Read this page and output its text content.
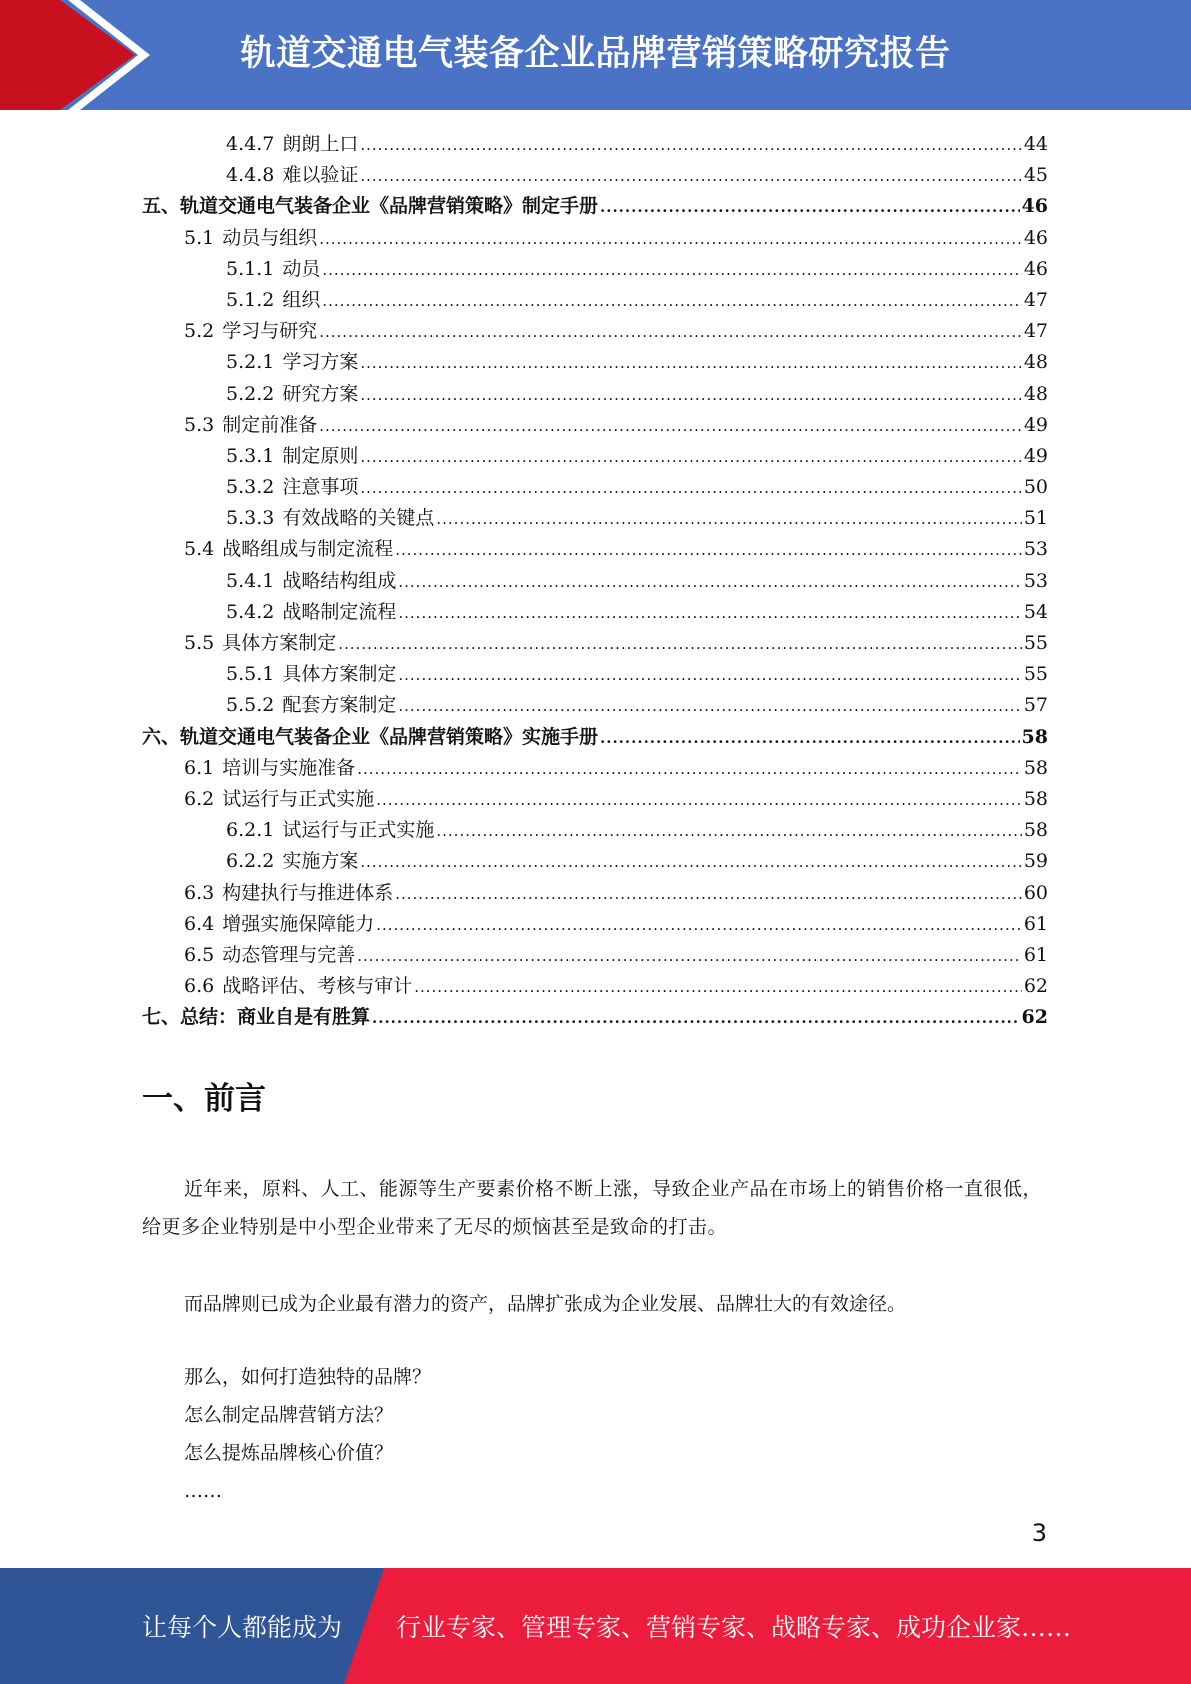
轨道交通电气装备企业品牌营销策略研究报告
4.4.7 朗朗上口 .....	44
4.4.8 难以验证 .....	45
五、轨道交通电气装备企业《品牌营销策略》制定手册 .....	46
5.1 动员与组织 .....	46
5.1.1 动员 .....	46
5.1.2 组织 .....	47
5.2 学习与研究 .....	47
5.2.1 学习方案 .....	48
5.2.2 研究方案 .....	48
5.3 制定前准备 .....	49
5.3.1 制定原则 .....	49
5.3.2 注意事项 .....	50
5.3.3 有效战略的关键点 .....	51
5.4 战略组成与制定流程 .....	53
5.4.1 战略结构组成 .....	53
5.4.2 战略制定流程 .....	54
5.5 具体方案制定 .....	55
5.5.1 具体方案制定 .....	55
5.5.2 配套方案制定 .....	57
六、轨道交通电气装备企业《品牌营销策略》实施手册 .....	58
6.1 培训与实施准备 .....	58
6.2 试运行与正式实施 .....	58
6.2.1 试运行与正式实施 .....	58
6.2.2 实施方案 .....	59
6.3 构建执行与推进体系 .....	60
6.4 增强实施保障能力 .....	61
6.5 动态管理与完善 .....	61
6.6 战略评估、考核与审计 .....	62
七、总结：商业自是有胜算 .....	62
一、前言
近年来，原料、人工、能源等生产要素价格不断上涨，导致企业产品在市场上的销售价格一直很低，给更多企业特别是中小型企业带来了无尽的烦恼甚至是致命的打击。
而品牌则已成为企业最有潜力的资产，品牌扩张成为企业发展、品牌壮大的有效途径。
那么，如何打造独特的品牌？
怎么制定品牌营销方法？
怎么提炼品牌核心价值？
……
3
让每个人都能成为 行业专家、管理专家、营销专家、战略专家、成功企业家……
